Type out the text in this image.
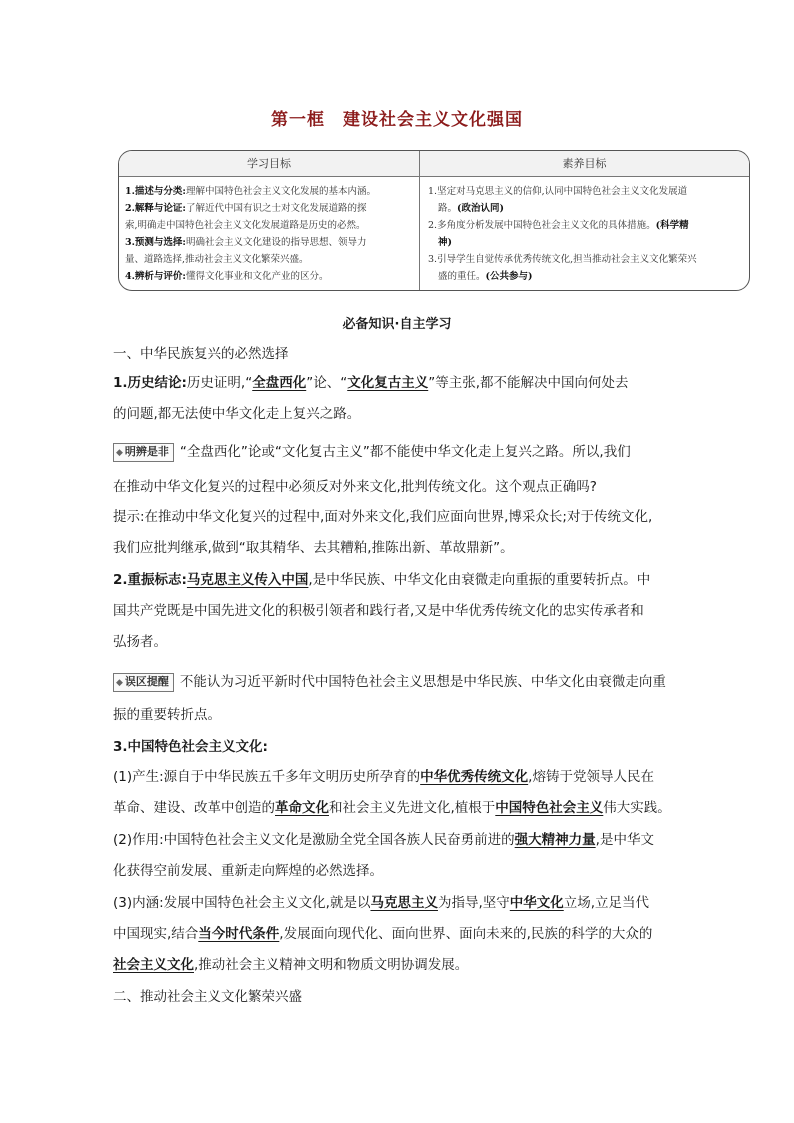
第一框 建设社会主义文化强国
学习目标	素养目标

1.描述与分类:理解中国特色社会主义文化发展的基本内涵。

2.解释与论证:了解近代中国有识之士对文化发展道路的探

索,明确走中国特色社会主义文化发展道路是历史的必然。

3.预测与选择:明确社会主义文化建设的指导思想、领导力

量、道路选择,推动社会主义文化繁荣兴盛。

4.辨析与评价:懂得文化事业和文化产业的区分。

1.坚定对马克思主义的信仰,认同中国特色社会主义文化发展道

路。(政治认同)

2.多角度分析发展中国特色社会主义文化的具体措施。(科学精

神)

3.引导学生自觉传承优秀传统文化,担当推动社会主义文化繁荣兴

盛的重任。(公共参与)

必备知识·自主学习
一、中华民族复兴的必然选择
1.历史结论:历史证明,“全盘西化”论、“文化复古主义”等主张,都不能解决中国向何处去
的问题,都无法使中华文化走上复兴之路。
◆ 明辨是非 “全盘西化”论或“文化复古主义”都不能使中华文化走上复兴之路。所以,我们
在推动中华文化复兴的过程中必须反对外来文化,批判传统文化。这个观点正确吗?
提示:在推动中华文化复兴的过程中,面对外来文化,我们应面向世界,博采众长;对于传统文化,
我们应批判继承,做到“取其精华、去其糟粕,推陈出新、革故鼎新”。
2.重振标志:马克思主义传入中国,是中华民族、中华文化由衰微走向重振的重要转折点。中
国共产党既是中国先进文化的积极引领者和践行者,又是中华优秀传统文化的忠实传承者和
弘扬者。
◆ 误区提醒 不能认为习近平新时代中国特色社会主义思想是中华民族、中华文化由衰微走向重
振的重要转折点。
3.中国特色社会主义文化:
(1)产生:源自于中华民族五千多年文明历史所孕育的中华优秀传统文化,熔铸于党领导人民在
革命、建设、改革中创造的革命文化和社会主义先进文化,植根于中国特色社会主义伟大实践。
(2)作用:中国特色社会主义文化是激励全党全国各族人民奋勇前进的强大精神力量,是中华文
化获得空前发展、重新走向辉煌的必然选择。
(3)内涵:发展中国特色社会主义文化,就是以马克思主义为指导,坚守中华文化立场,立足当代
中国现实,结合当今时代条件,发展面向现代化、面向世界、面向未来的,民族的科学的大众的
社会主义文化,推动社会主义精神文明和物质文明协调发展。
二、推动社会主义文化繁荣兴盛
